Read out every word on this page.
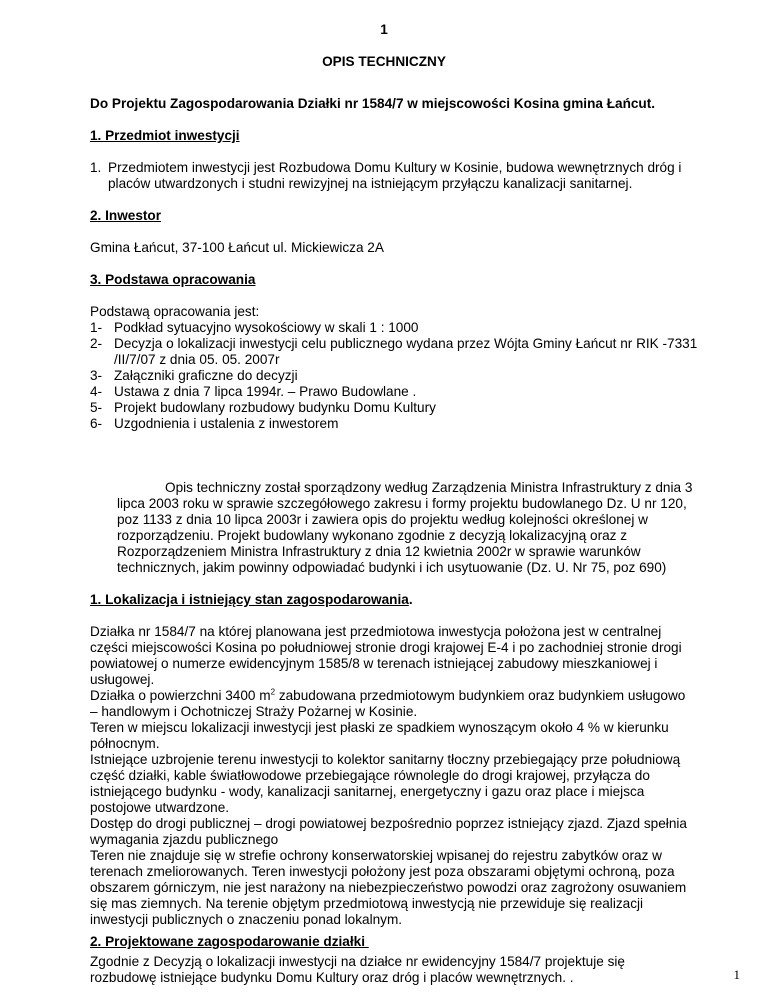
1
OPIS TECHNICZNY
Do Projektu Zagospodarowania Działki nr 1584/7 w miejscowości Kosina gmina Łańcut.
1. Przedmiot inwestycji
1. Przedmiotem inwestycji jest Rozbudowa Domu Kultury w Kosinie, budowa wewnętrznych dróg i
placów utwardzonych i studni rewizyjnej na istniejącym przyłączu kanalizacji sanitarnej.
2. Inwestor
Gmina Łańcut, 37-100 Łańcut ul. Mickiewicza 2A
3. Podstawa opracowania
Podstawą opracowania jest:
1- Podkład sytuacyjno wysokościowy w skali 1 : 1000
2- Decyzja o lokalizacji inwestycji celu publicznego wydana przez Wójta Gminy Łańcut nr RIK -7331
/II/7/07 z dnia 05. 05. 2007r
3- Załączniki graficzne do decyzji
4- Ustawa z dnia 7 lipca 1994r. – Prawo Budowlane .
5- Projekt budowlany rozbudowy budynku Domu Kultury
6- Uzgodnienia i ustalenia z inwestorem
Opis techniczny został sporządzony według Zarządzenia Ministra Infrastruktury z dnia 3
lipca 2003 roku w sprawie szczegółowego zakresu i formy projektu budowlanego Dz. U nr 120,
poz 1133 z dnia 10 lipca 2003r i zawiera opis do projektu według kolejności określonej w
rozporządzeniu. Projekt budowlany wykonano zgodnie z decyzją lokalizacyjną oraz z
Rozporządzeniem Ministra Infrastruktury z dnia 12 kwietnia 2002r w sprawie warunków
technicznych, jakim powinny odpowiadać budynki i ich usytuowanie (Dz. U. Nr 75, poz 690)
1. Lokalizacja i istniejący stan zagospodarowania.
Działka nr 1584/7 na której planowana jest przedmiotowa inwestycja położona jest w centralnej
części miejscowości Kosina po południowej stronie drogi krajowej E-4 i po zachodniej stronie drogi
powiatowej o numerze ewidencyjnym 1585/8 w terenach istniejącej zabudowy mieszkaniowej i
usługowej.
Działka o powierzchni 3400 $m^2$ zabudowana przedmiotowym budynkiem oraz budynkiem usługowo
– handlowym i Ochotniczej Straży Pożarnej w Kosinie.
Teren w miejscu lokalizacji inwestycji jest płaski ze spadkiem wynoszącym około 4 % w kierunku
północnym.
Istniejące uzbrojenie terenu inwestycji to kolektor sanitarny tłoczny przebiegający prze południową
część działki, kable światłowodowe przebiegające równolegle do drogi krajowej, przyłącza do
istniejącego budynku - wody, kanalizacji sanitarnej, energetyczny i gazu oraz place i miejsca
postojowe utwardzone.
Dostęp do drogi publicznej – drogi powiatowej bezpośrednio poprzez istniejący zjazd. Zjazd spełnia
wymagania zjazdu publicznego
Teren nie znajduje się w strefie ochrony konserwatorskiej wpisanej do rejestru zabytków oraz w
terenach zmeliorowanych. Teren inwestycji położony jest poza obszarami objętymi ochroną, poza
obszarem górniczym, nie jest narażony na niebezpieczeństwo powodzi oraz zagrożony osuwaniem
się mas ziemnych. Na terenie objętym przedmiotową inwestycją nie przewiduje się realizacji
inwestycji publicznych o znaczeniu ponad lokalnym.
2. Projektowane zagospodarowanie działki
Zgodnie z Decyzją o lokalizacji inwestycji na działce nr ewidencyjny 1584/7 projektuje się
rozbudowę istniejące budynku Domu Kultury oraz dróg i placów wewnętrznych. .	1
